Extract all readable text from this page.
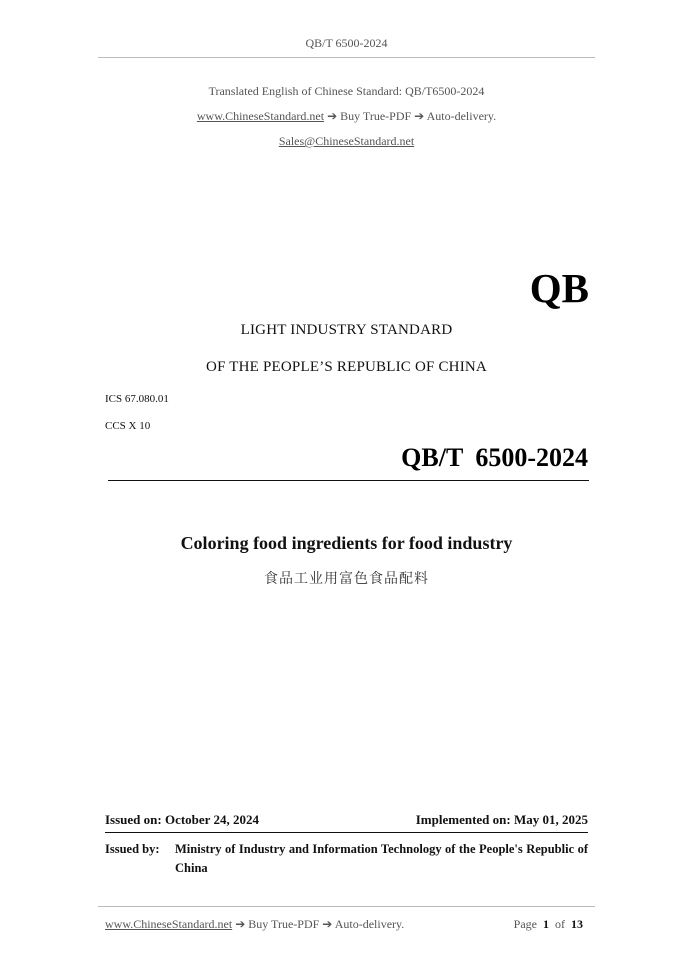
QB/T 6500-2024
Translated English of Chinese Standard: QB/T6500-2024
www.ChineseStandard.net ➔ Buy True-PDF ➔ Auto-delivery.
Sales@ChineseStandard.net
QB
LIGHT INDUSTRY STANDARD
OF THE PEOPLE’S REPUBLIC OF CHINA
ICS 67.080.01
CCS X 10
QB/T 6500-2024
Coloring food ingredients for food industry
食品工业用富色食品配料
Issued on: October 24, 2024	Implemented on: May 01, 2025
Issued by:	Ministry of Industry and Information Technology of the People's Republic of China
www.ChineseStandard.net ➔ Buy True-PDF ➔ Auto-delivery.	Page 1 of 13
